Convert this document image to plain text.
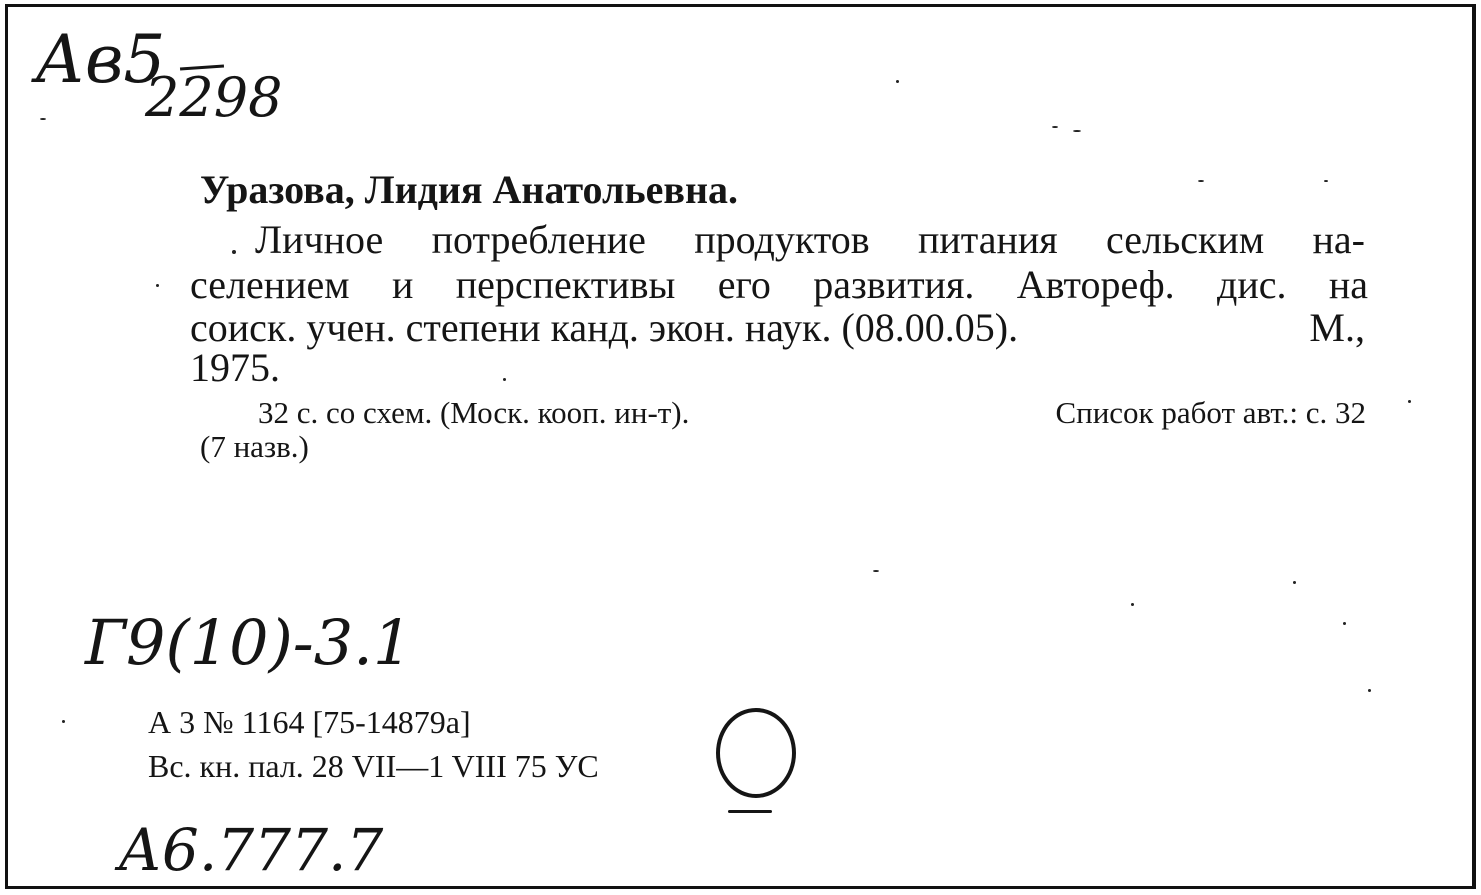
Ав5
2298
Уразова, Лидия Анатольевна.
Личное потребление продуктов питания сельским на-
селением и перспективы его развития. Автореф. дис. на
соиск. учен. степени канд. экон. наук. (08.00.05).	М.,
1975.
32 с. со схем. (Моск. кооп. ин-т).	Список работ авт.: с. 32
(7 назв.)
Г9(10)-3.1
А 3 № 1164 [75-14879а]
Вс. кн. пал. 28 VII—1 VIII 75 УС
А6.777.7
